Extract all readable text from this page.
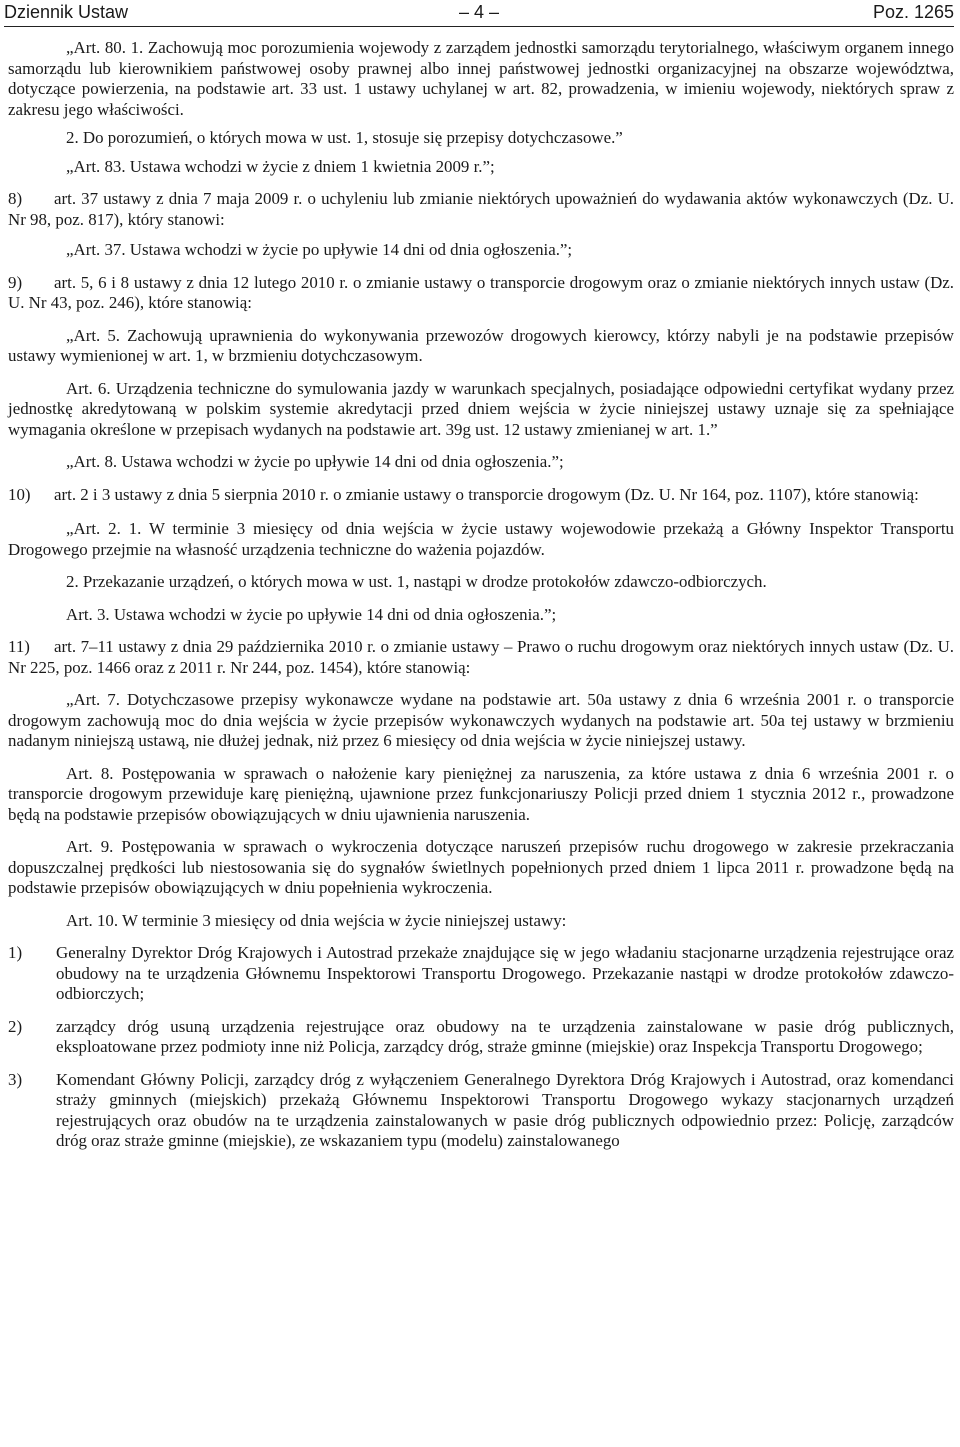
Dziennik Ustaw	– 4 –	Poz. 1265

„Art. 80. 1. Zachowują moc porozumienia wojewody z zarządem jednostki samorządu terytorialnego, właściwym organem innego samorządu lub kierownikiem państwowej osoby prawnej albo innej państwowej jednostki organizacyjnej na obszarze województwa, dotyczące powierzenia, na podstawie art. 33 ust. 1 ustawy uchylanej w art. 82, prowadzenia, w imieniu wojewody, niektórych spraw z zakresu jego właściwości.

2. Do porozumień, o których mowa w ust. 1, stosuje się przepisy dotychczasowe.”

„Art. 83. Ustawa wchodzi w życie z dniem 1 kwietnia 2009 r.”;

8)	art. 37 ustawy z dnia 7 maja 2009 r. o uchyleniu lub zmianie niektórych upoważnień do wydawania aktów wykonawczych (Dz. U. Nr 98, poz. 817), który stanowi:

„Art. 37. Ustawa wchodzi w życie po upływie 14 dni od dnia ogłoszenia.”;

9)	art. 5, 6 i 8 ustawy z dnia 12 lutego 2010 r. o zmianie ustawy o transporcie drogowym oraz o zmianie niektórych innych ustaw (Dz. U. Nr 43, poz. 246), które stanowią:

„Art. 5. Zachowują uprawnienia do wykonywania przewozów drogowych kierowcy, którzy nabyli je na podstawie przepisów ustawy wymienionej w art. 1, w brzmieniu dotychczasowym.

Art. 6. Urządzenia techniczne do symulowania jazdy w warunkach specjalnych, posiadające odpowiedni certyfikat wydany przez jednostkę akredytowaną w polskim systemie akredytacji przed dniem wejścia w życie niniejszej ustawy uznaje się za spełniające wymagania określone w przepisach wydanych na podstawie art. 39g ust. 12 ustawy zmienianej w art. 1.”

„Art. 8. Ustawa wchodzi w życie po upływie 14 dni od dnia ogłoszenia.”;

10)	art. 2 i 3 ustawy z dnia 5 sierpnia 2010 r. o zmianie ustawy o transporcie drogowym (Dz. U. Nr 164, poz. 1107), które stanowią:

„Art. 2. 1. W terminie 3 miesięcy od dnia wejścia w życie ustawy wojewodowie przekażą a Główny Inspektor Transportu Drogowego przejmie na własność urządzenia techniczne do ważenia pojazdów.

2. Przekazanie urządzeń, o których mowa w ust. 1, nastąpi w drodze protokołów zdawczo-odbiorczych.

Art. 3. Ustawa wchodzi w życie po upływie 14 dni od dnia ogłoszenia.”;

11)	art. 7–11 ustawy z dnia 29 października 2010 r. o zmianie ustawy – Prawo o ruchu drogowym oraz niektórych innych ustaw (Dz. U. Nr 225, poz. 1466 oraz z 2011 r. Nr 244, poz. 1454), które stanowią:

„Art. 7. Dotychczasowe przepisy wykonawcze wydane na podstawie art. 50a ustawy z dnia 6 września 2001 r. o transporcie drogowym zachowują moc do dnia wejścia w życie przepisów wykonawczych wydanych na podstawie art. 50a tej ustawy w brzmieniu nadanym niniejszą ustawą, nie dłużej jednak, niż przez 6 miesięcy od dnia wejścia w życie niniejszej ustawy.

Art. 8. Postępowania w sprawach o nałożenie kary pieniężnej za naruszenia, za które ustawa z dnia 6 września 2001 r. o transporcie drogowym przewiduje karę pieniężną, ujawnione przez funkcjonariuszy Policji przed dniem 1 stycznia 2012 r., prowadzone będą na podstawie przepisów obowiązujących w dniu ujawnienia naruszenia.

Art. 9. Postępowania w sprawach o wykroczenia dotyczące naruszeń przepisów ruchu drogowego w zakresie przekraczania dopuszczalnej prędkości lub niestosowania się do sygnałów świetlnych popełnionych przed dniem 1 lipca 2011 r. prowadzone będą na podstawie przepisów obowiązujących w dniu popełnienia wykroczenia.

Art. 10. W terminie 3 miesięcy od dnia wejścia w życie niniejszej ustawy:

1) Generalny Dyrektor Dróg Krajowych i Autostrad przekaże znajdujące się w jego władaniu stacjonarne urządzenia rejestrujące oraz obudowy na te urządzenia Głównemu Inspektorowi Transportu Drogowego. Przekazanie nastąpi w drodze protokołów zdawczo-odbiorczych;

2) zarządcy dróg usuną urządzenia rejestrujące oraz obudowy na te urządzenia zainstalowane w pasie dróg publicznych, eksploatowane przez podmioty inne niż Policja, zarządcy dróg, straże gminne (miejskie) oraz Inspekcja Transportu Drogowego;

3) Komendant Główny Policji, zarządcy dróg z wyłączeniem Generalnego Dyrektora Dróg Krajowych i Autostrad, oraz komendanci straży gminnych (miejskich) przekażą Głównemu Inspektorowi Transportu Drogowego wykazy stacjonarnych urządzeń rejestrujących oraz obudów na te urządzenia zainstalowanych w pasie dróg publicznych odpowiednio przez: Policję, zarządców dróg oraz straże gminne (miejskie), ze wskazaniem typu (modelu) zainstalowanego
